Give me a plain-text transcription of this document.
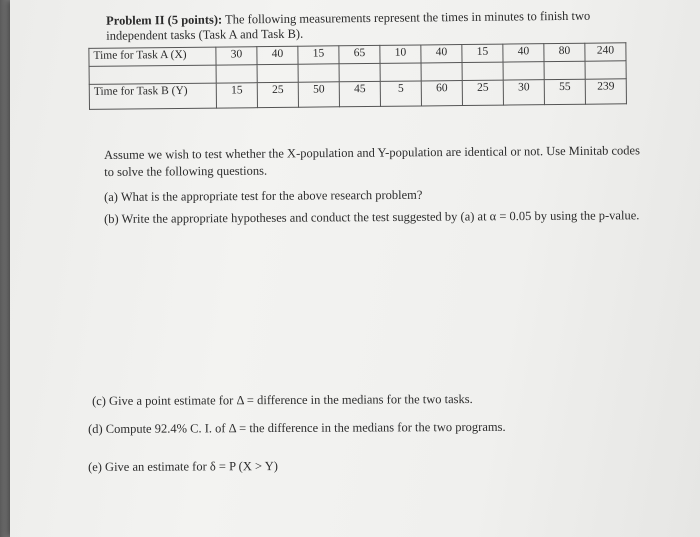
Problem II (5 points): The following measurements represent the times in minutes to finish two independent tasks (Task A and Task B).
Time for Task A (X)	30	40	15	65	10	40	15	40	80	240

Time for Task B (Y)	15	25	50	45	5	60	25	30	55	239
Assume we wish to test whether the X-population and Y-population are identical or not. Use Minitab codes to solve the following questions.
(a) What is the appropriate test for the above research problem?
(b) Write the appropriate hypotheses and conduct the test suggested by (a) at α = 0.05 by using the p-value.
(c) Give a point estimate for Δ = difference in the medians for the two tasks.
(d) Compute 92.4% C. I. of Δ = the difference in the medians for the two programs.
(e) Give an estimate for δ = P (X > Y)
